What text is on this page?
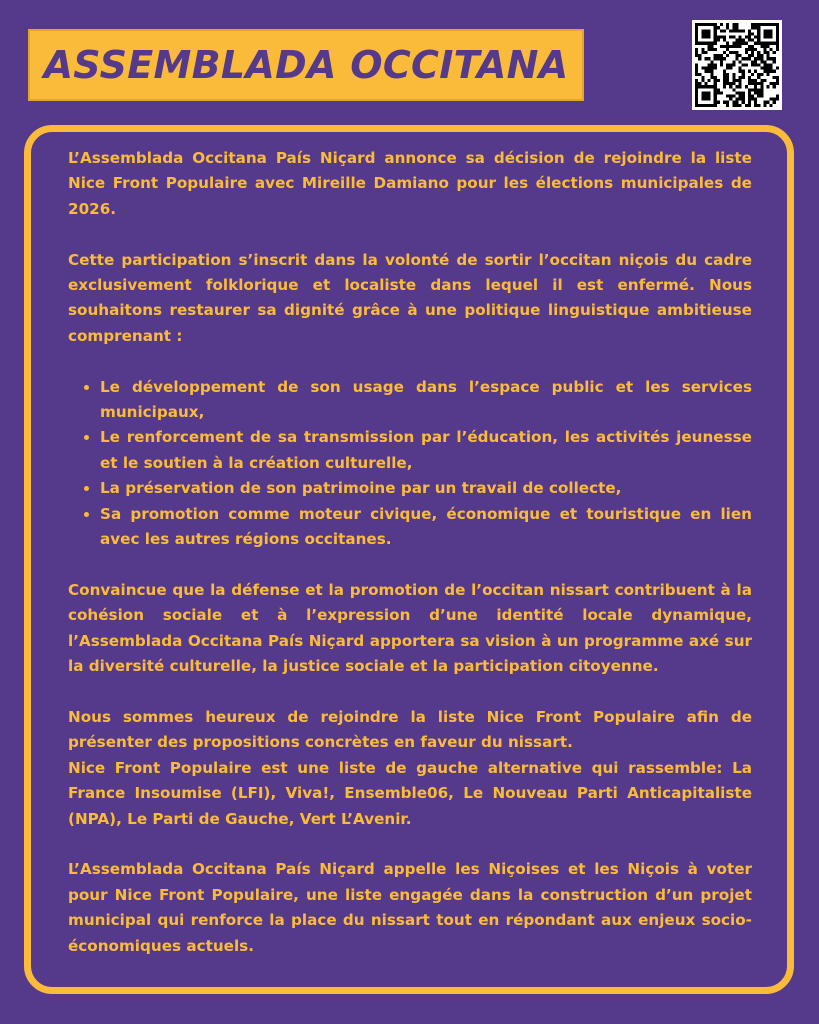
ASSEMBLADA OCCITANA

L’Assemblada Occitana País Niçard annonce sa décision de rejoindre la liste Nice Front Populaire avec Mireille Damiano pour les élections municipales de 2026.

Cette participation s’inscrit dans la volonté de sortir l’occitan niçois du cadre exclusivement folklorique et localiste dans lequel il est enfermé. Nous souhaitons restaurer sa dignité grâce à une politique linguistique ambitieuse comprenant :

• Le développement de son usage dans l’espace public et les services municipaux,
• Le renforcement de sa transmission par l’éducation, les activités jeunesse et le soutien à la création culturelle,
• La préservation de son patrimoine par un travail de collecte,
• Sa promotion comme moteur civique, économique et touristique en lien avec les autres régions occitanes.

Convaincue que la défense et la promotion de l’occitan nissart contribuent à la cohésion sociale et à l’expression d’une identité locale dynamique, l’Assemblada Occitana País Niçard apportera sa vision à un programme axé sur la diversité culturelle, la justice sociale et la participation citoyenne.

Nous sommes heureux de rejoindre la liste Nice Front Populaire afin de présenter des propositions concrètes en faveur du nissart.

Nice Front Populaire est une liste de gauche alternative qui rassemble: La France Insoumise (LFI), Viva!, Ensemble06, Le Nouveau Parti Anticapitaliste (NPA), Le Parti de Gauche, Vert L’Avenir.

L’Assemblada Occitana País Niçard appelle les Niçoises et les Niçois à voter pour Nice Front Populaire, une liste engagée dans la construction d’un projet municipal qui renforce la place du nissart tout en répondant aux enjeux socio-économiques actuels.
